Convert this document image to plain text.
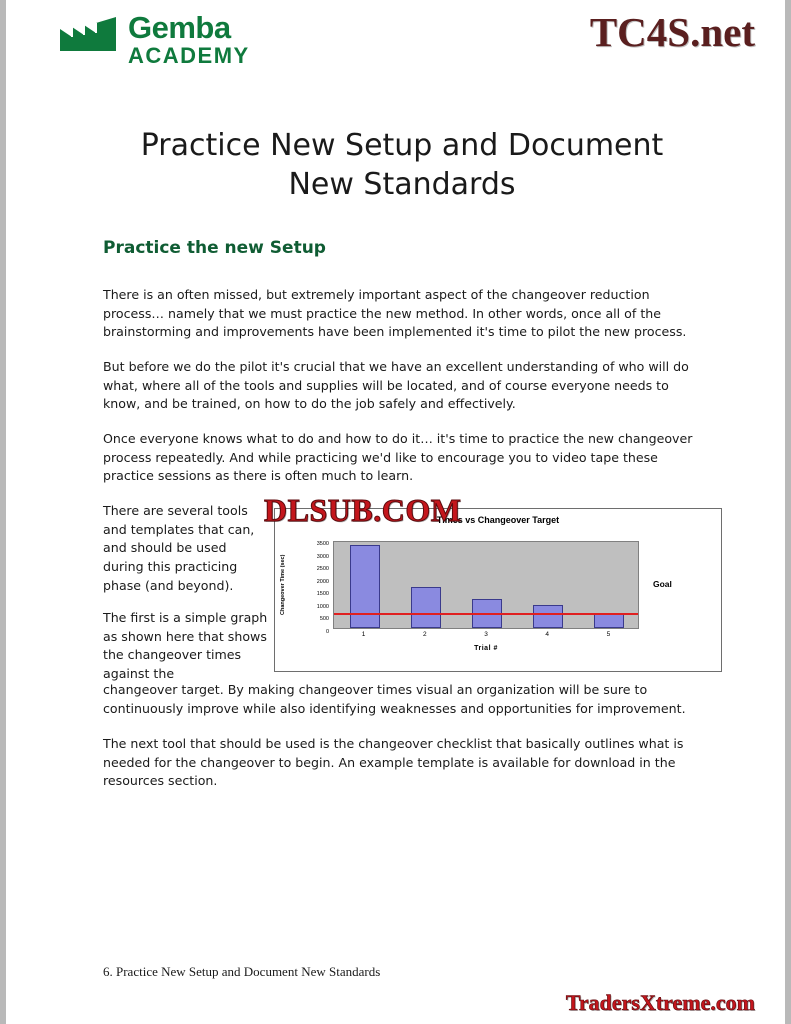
Gemba
ACADEMY
TC4S.net
Practice New Setup and Document
New Standards
Practice the new Setup
There is an often missed, but extremely important aspect of the changeover reduction process… namely that we must practice the new method. In other words, once all of the brainstorming and improvements have been implemented it's time to pilot the new process.
But before we do the pilot it's crucial that we have an excellent understanding of who will do what, where all of the tools and supplies will be located, and of course everyone needs to know, and be trained, on how to do the job safely and effectively.
Once everyone knows what to do and how to do it… it's time to practice the new changeover process repeatedly. And while practicing we'd like to encourage you to video tape these practice sessions as there is often much to learn.
There are several tools and templates that can, and should be used during this practicing phase (and beyond).
The first is a simple graph as shown here that shows the changeover times against the
changeover target. By making changeover times visual an organization will be sure to continuously improve while also identifying weaknesses and opportunities for improvement.
The next tool that should be used is the changeover checklist that basically outlines what is needed for the changeover to begin. An example template is available for download in the resources section.
Times vs Changeover Target
Changeover Time (sec)
3500
3000
2500
2000
1500
1000
500
0	1	2	3	4	5
Trial #
Goal
DLSUB.COM
TradersXtreme.com
6. Practice New Setup and Document New Standards
